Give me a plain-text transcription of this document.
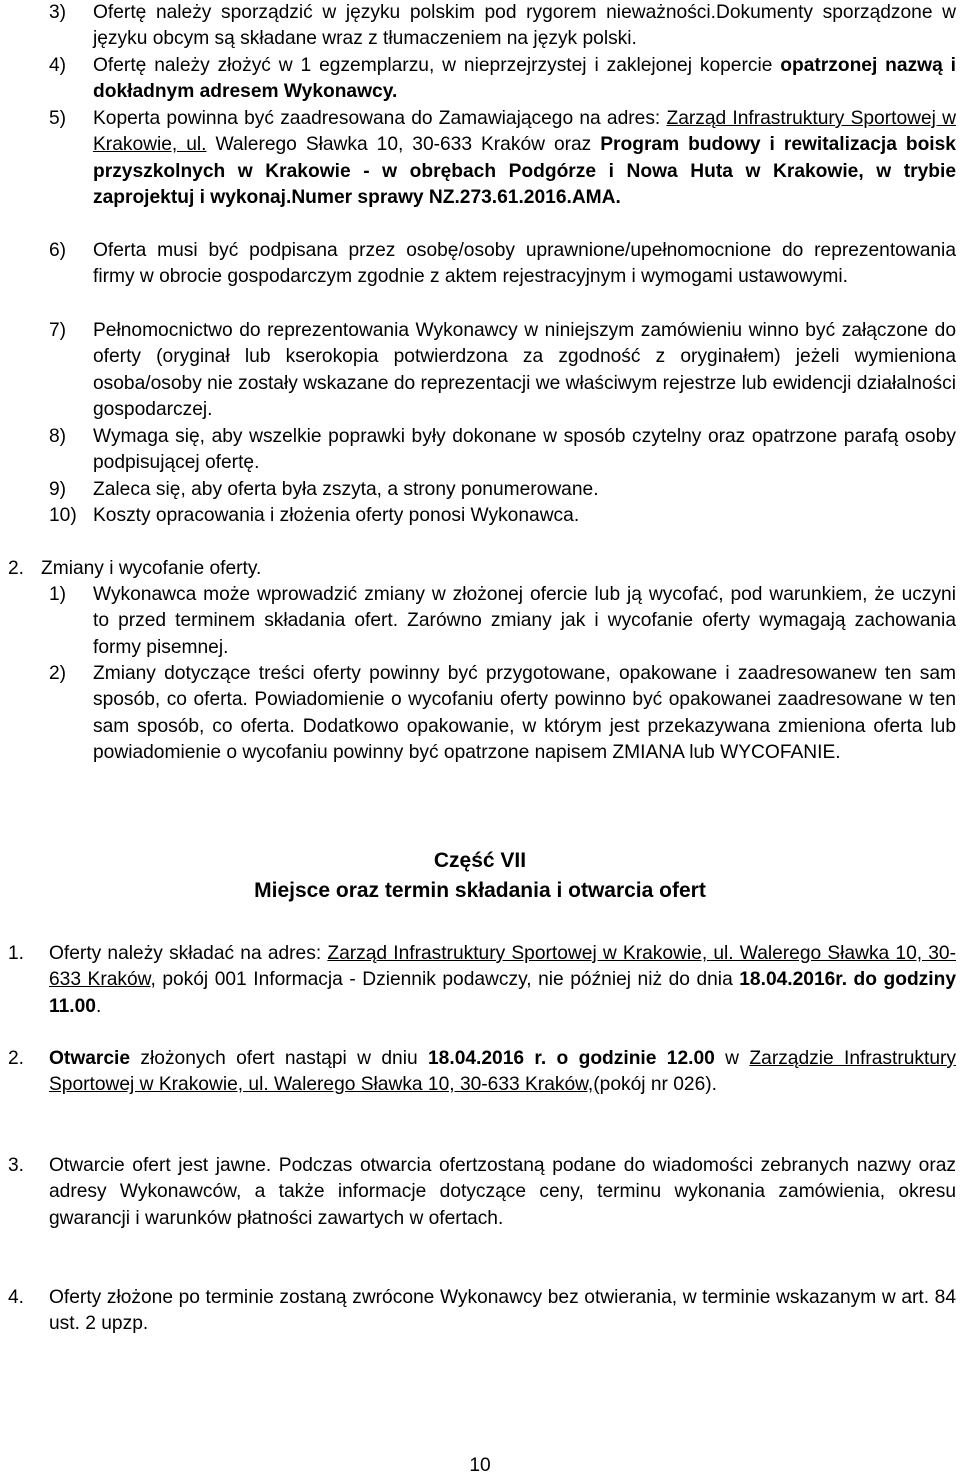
3) Ofertę należy sporządzić w języku polskim pod rygorem nieważności.Dokumenty sporządzone w języku obcym są składane wraz z tłumaczeniem na język polski.
4) Ofertę należy złożyć w 1 egzemplarzu, w nieprzejrzystej i zaklejonej kopercie opatrzonej nazwą i dokładnym adresem Wykonawcy.
5) Koperta powinna być zaadresowana do Zamawiającego na adres: Zarząd Infrastruktury Sportowej w Krakowie, ul. Walerego Sławka 10, 30-633 Kraków oraz Program budowy i rewitalizacja boisk przyszkolnych w Krakowie - w obrębach Podgórze i Nowa Huta w Krakowie, w trybie zaprojektuj i wykonaj.Numer sprawy NZ.273.61.2016.AMA.
6) Oferta musi być podpisana przez osobę/osoby uprawnione/upełnomocnione do reprezentowania firmy w obrocie gospodarczym zgodnie z aktem rejestracyjnym i wymogami ustawowymi.
7) Pełnomocnictwo do reprezentowania Wykonawcy w niniejszym zamówieniu winno być załączone do oferty (oryginał lub kserokopia potwierdzona za zgodność z oryginałem) jeżeli wymieniona osoba/osoby nie zostały wskazane do reprezentacji we właściwym rejestrze lub ewidencji działalności gospodarczej.
8) Wymaga się, aby wszelkie poprawki były dokonane w sposób czytelny oraz opatrzone parafą osoby podpisującej ofertę.
9) Zaleca się, aby oferta była zszyta, a strony ponumerowane.
10) Koszty opracowania i złożenia oferty ponosi Wykonawca.
2. Zmiany i wycofanie oferty.
1) Wykonawca może wprowadzić zmiany w złożonej ofercie lub ją wycofać, pod warunkiem, że uczyni to przed terminem składania ofert. Zarówno zmiany jak i wycofanie oferty wymagają zachowania formy pisemnej.
2) Zmiany dotyczące treści oferty powinny być przygotowane, opakowane i zaadresowanew ten sam sposób, co oferta. Powiadomienie o wycofaniu oferty powinno być opakowanei zaadresowane w ten sam sposób, co oferta. Dodatkowo opakowanie, w którym jest przekazywana zmieniona oferta lub powiadomienie o wycofaniu powinny być opatrzone napisem ZMIANA lub WYCOFANIE.
Część VII
Miejsce oraz termin składania i otwarcia ofert
1. Oferty należy składać na adres: Zarząd Infrastruktury Sportowej w Krakowie, ul. Walerego Sławka 10, 30-633 Kraków, pokój 001 Informacja - Dziennik podawczy, nie później niż do dnia 18.04.2016r. do godziny 11.00.
2. Otwarcie złożonych ofert nastąpi w dniu 18.04.2016 r. o godzinie 12.00 w Zarządzie Infrastruktury Sportowej w Krakowie, ul. Walerego Sławka 10, 30-633 Kraków,(pokój nr 026).
3. Otwarcie ofert jest jawne. Podczas otwarcia ofertzostaną podane do wiadomości zebranych nazwy oraz adresy Wykonawców, a także informacje dotyczące ceny, terminu wykonania zamówienia, okresu gwarancji i warunków płatności zawartych w ofertach.
4. Oferty złożone po terminie zostaną zwrócone Wykonawcy bez otwierania, w terminie wskazanym w art. 84 ust. 2 upzp.
10
